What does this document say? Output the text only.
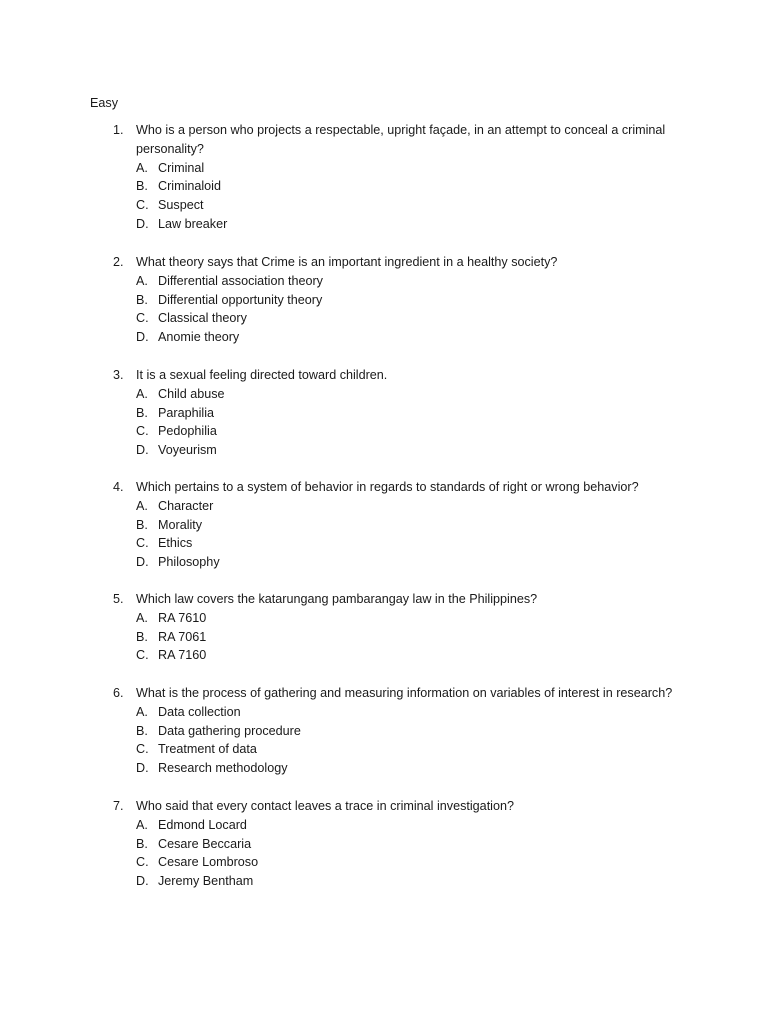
Easy
1. Who is a person who projects a respectable, upright façade, in an attempt to conceal a criminal
personality?
A. Criminal
B. Criminaloid
C. Suspect
D. Law breaker
2. What theory says that Crime is an important ingredient in a healthy society?
A. Differential association theory
B. Differential opportunity theory
C. Classical theory
D. Anomie theory
3. It is a sexual feeling directed toward children.
A. Child abuse
B. Paraphilia
C. Pedophilia
D. Voyeurism
4. Which pertains to a system of behavior in regards to standards of right or wrong behavior?
A. Character
B. Morality
C. Ethics
D. Philosophy
5. Which law covers the katarungang pambarangay law in the Philippines?
A. RA 7610
B. RA 7061
C. RA 7160
6. What is the process of gathering and measuring information on variables of interest in research?
A. Data collection
B. Data gathering procedure
C. Treatment of data
D. Research methodology
7. Who said that every contact leaves a trace in criminal investigation?
A. Edmond Locard
B. Cesare Beccaria
C. Cesare Lombroso
D. Jeremy Bentham
